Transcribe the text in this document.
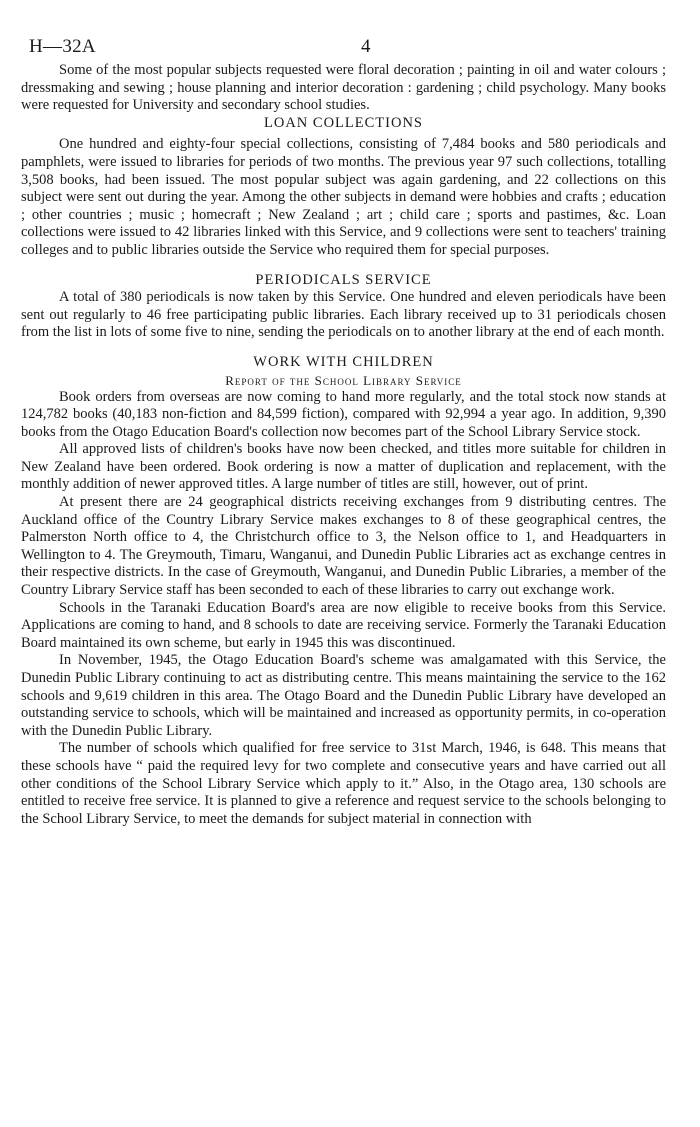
H—32A	4

Some of the most popular subjects requested were floral decoration ; painting in oil and water colours ; dressmaking and sewing ; house planning and interior decoration : gardening ; child psychology. Many books were requested for University and secondary school studies.

LOAN COLLECTIONS

One hundred and eighty-four special collections, consisting of 7,484 books and 580 periodicals and pamphlets, were issued to libraries for periods of two months. The previous year 97 such collections, totalling 3,508 books, had been issued. The most popular subject was again gardening, and 22 collections on this subject were sent out during the year. Among the other subjects in demand were hobbies and crafts ; education ; other countries ; music ; homecraft ; New Zealand ; art ; child care ; sports and pastimes, &c. Loan collections were issued to 42 libraries linked with this Service, and 9 collections were sent to teachers' training colleges and to public libraries outside the Service who required them for special purposes.

PERIODICALS SERVICE

A total of 380 periodicals is now taken by this Service. One hundred and eleven periodicals have been sent out regularly to 46 free participating public libraries. Each library received up to 31 periodicals chosen from the list in lots of some five to nine, sending the periodicals on to another library at the end of each month.

WORK WITH CHILDREN
Report of the School Library Service

Book orders from overseas are now coming to hand more regularly, and the total stock now stands at 124,782 books (40,183 non-fiction and 84,599 fiction), compared with 92,994 a year ago. In addition, 9,390 books from the Otago Education Board's collection now becomes part of the School Library Service stock.

All approved lists of children's books have now been checked, and titles more suitable for children in New Zealand have been ordered. Book ordering is now a matter of duplication and replacement, with the monthly addition of newer approved titles. A large number of titles are still, however, out of print.

At present there are 24 geographical districts receiving exchanges from 9 distributing centres. The Auckland office of the Country Library Service makes exchanges to 8 of these geographical centres, the Palmerston North office to 4, the Christchurch office to 3, the Nelson office to 1, and Headquarters in Wellington to 4. The Greymouth, Timaru, Wanganui, and Dunedin Public Libraries act as exchange centres in their respective districts. In the case of Greymouth, Wanganui, and Dunedin Public Libraries, a member of the Country Library Service staff has been seconded to each of these libraries to carry out exchange work.

Schools in the Taranaki Education Board's area are now eligible to receive books from this Service. Applications are coming to hand, and 8 schools to date are receiving service. Formerly the Taranaki Education Board maintained its own scheme, but early in 1945 this was discontinued.

In November, 1945, the Otago Education Board's scheme was amalgamated with this Service, the Dunedin Public Library continuing to act as distributing centre. This means maintaining the service to the 162 schools and 9,619 children in this area. The Otago Board and the Dunedin Public Library have developed an outstanding service to schools, which will be maintained and increased as opportunity permits, in co-operation with the Dunedin Public Library.

The number of schools which qualified for free service to 31st March, 1946, is 648. This means that these schools have “ paid the required levy for two complete and consecutive years and have carried out all other conditions of the School Library Service which apply to it.” Also, in the Otago area, 130 schools are entitled to receive free service. It is planned to give a reference and request service to the schools belonging to the School Library Service, to meet the demands for subject material in connection with
